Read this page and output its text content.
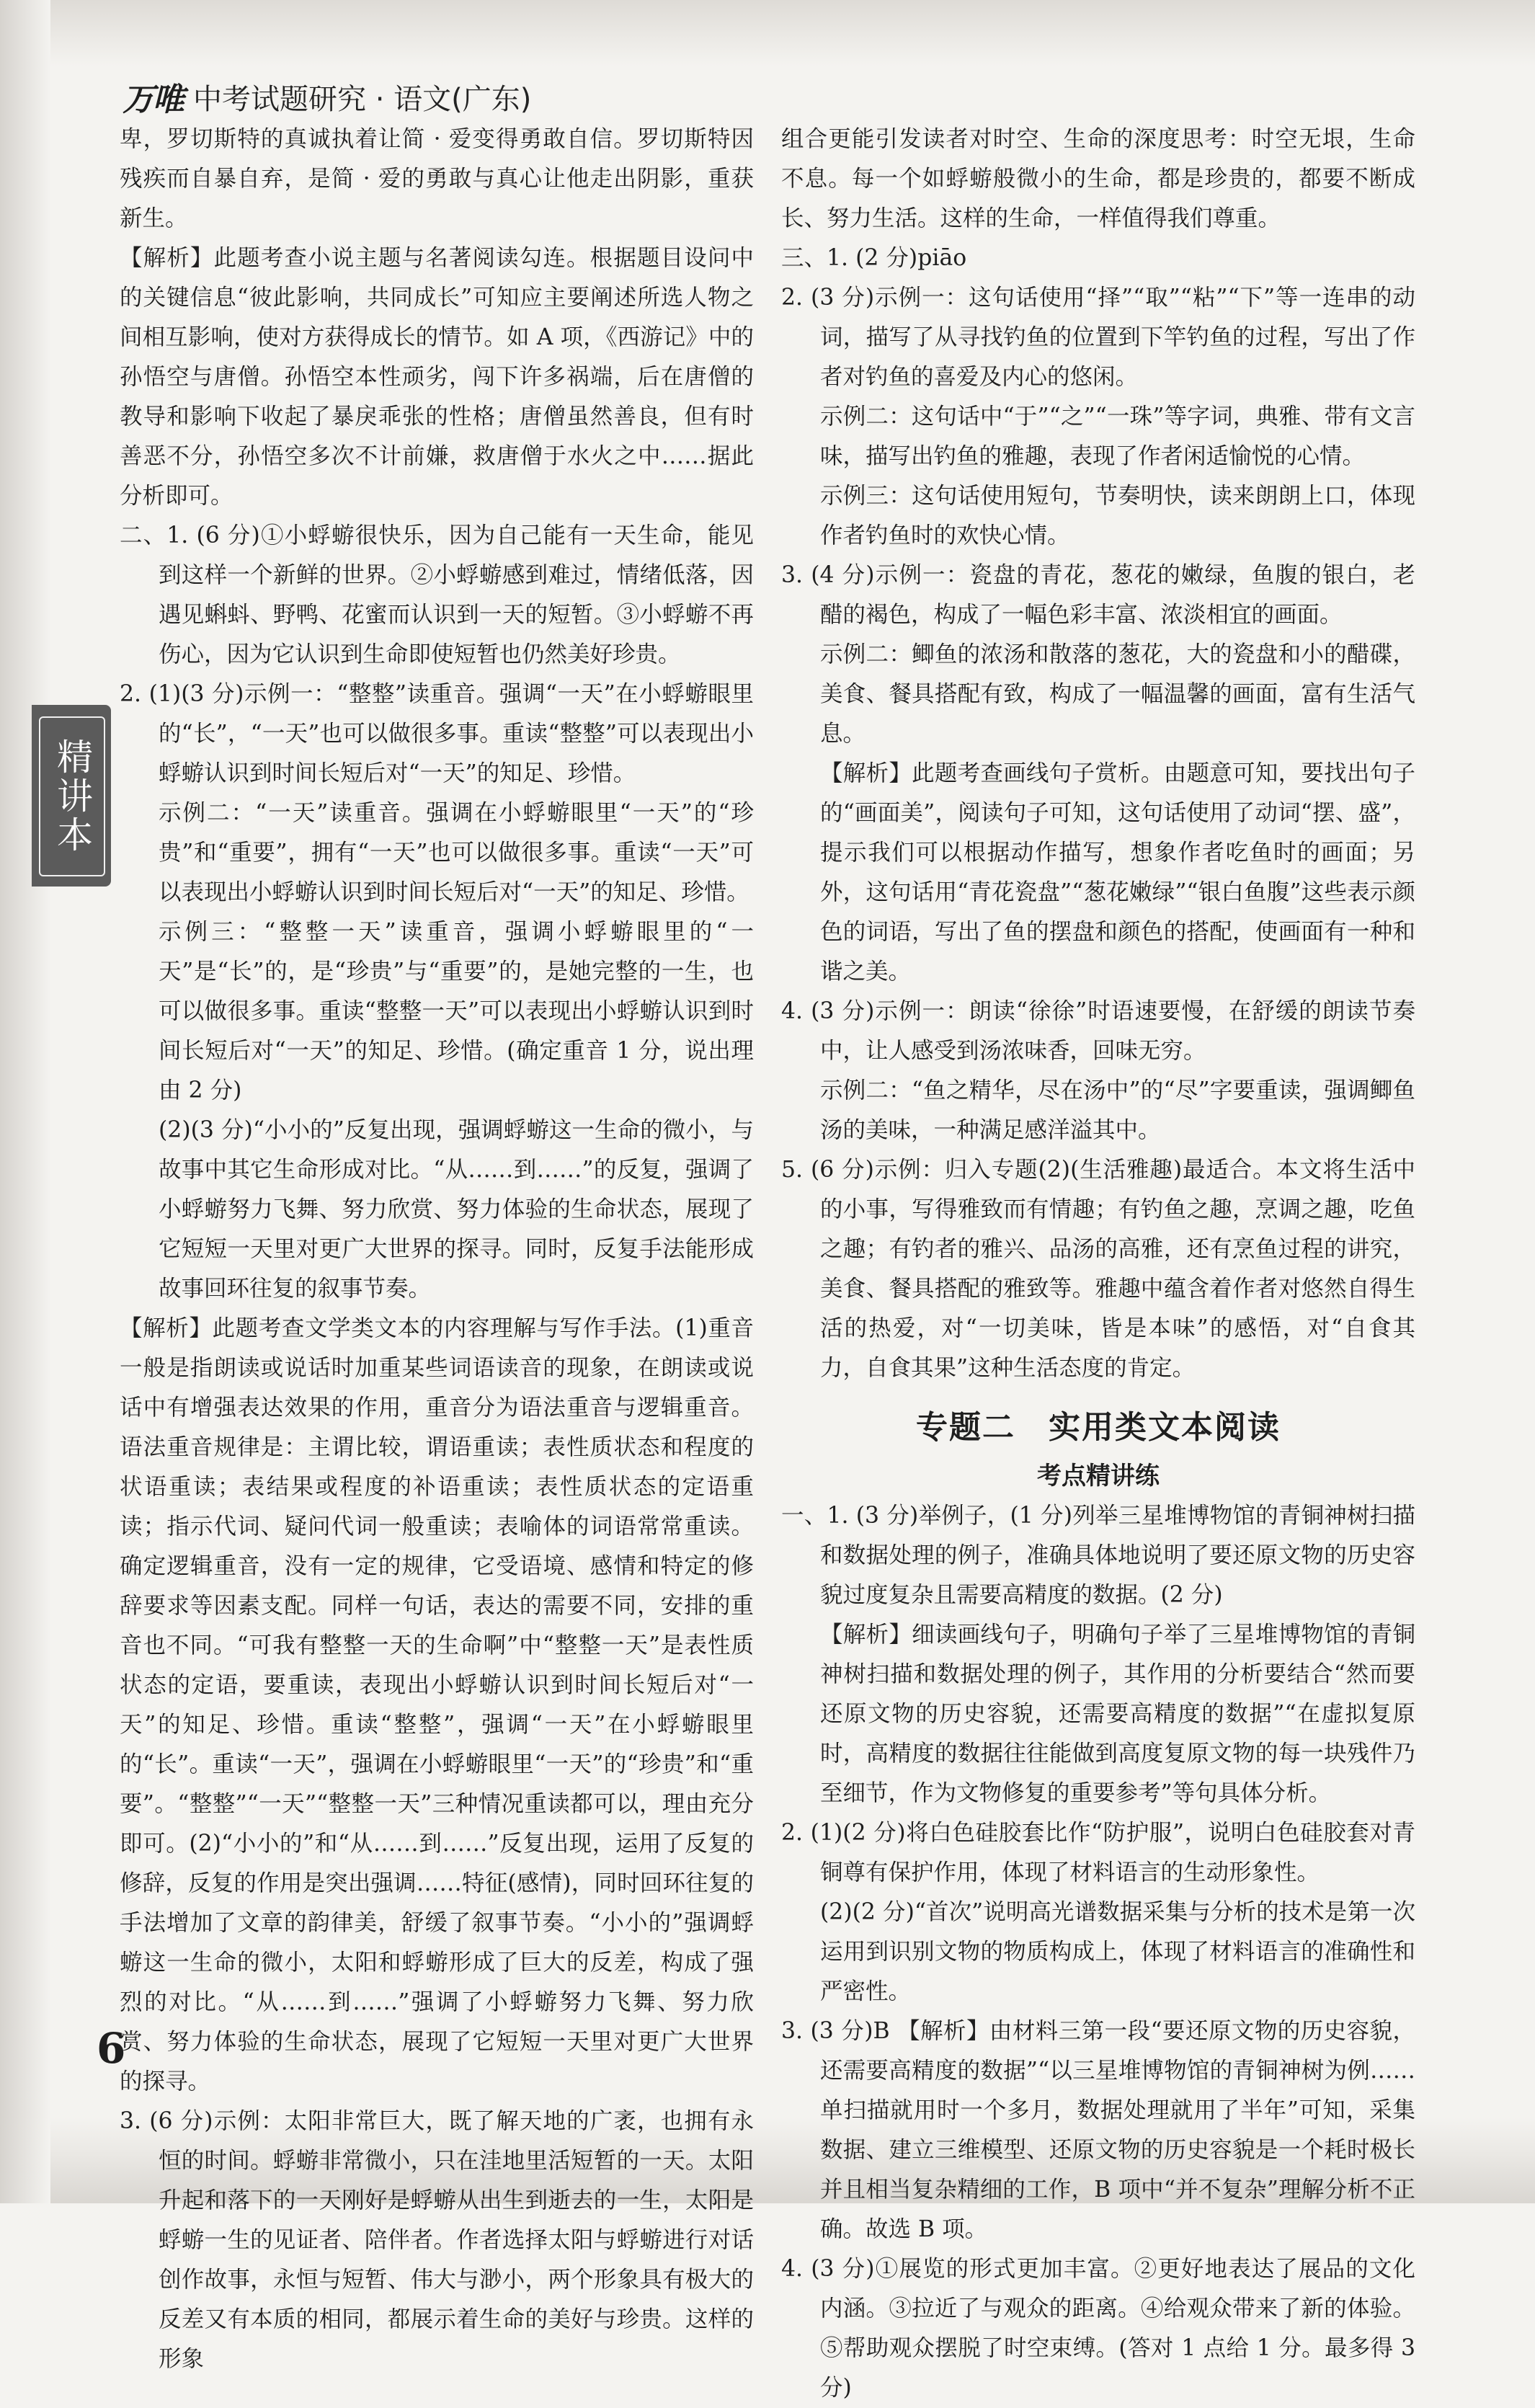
万唯 中考试题研究 · 语文(广东)
精讲本

卑，罗切斯特的真诚执着让简 · 爱变得勇敢自信。罗切斯特因残疾而自暴自弃，是简 · 爱的勇敢与真心让他走出阴影，重获新生。

【解析】此题考查小说主题与名著阅读勾连。根据题目设问中的关键信息“彼此影响，共同成长”可知应主要阐述所选人物之间相互影响，使对方获得成长的情节。如 A 项，《西游记》中的孙悟空与唐僧。孙悟空本性顽劣，闯下许多祸端，后在唐僧的教导和影响下收起了暴戾乖张的性格；唐僧虽然善良，但有时善恶不分，孙悟空多次不计前嫌，救唐僧于水火之中……据此分析即可。

二、1. (6 分)①小蜉蝣很快乐，因为自己能有一天生命，能见到这样一个新鲜的世界。②小蜉蝣感到难过，情绪低落，因遇见蝌蚪、野鸭、花蜜而认识到一天的短暂。③小蜉蝣不再伤心，因为它认识到生命即使短暂也仍然美好珍贵。

2. (1)(3 分)示例一：“整整”读重音。强调“一天”在小蜉蝣眼里的“长”，“一天”也可以做很多事。重读“整整”可以表现出小蜉蝣认识到时间长短后对“一天”的知足、珍惜。

示例二：“一天”读重音。强调在小蜉蝣眼里“一天”的“珍贵”和“重要”，拥有“一天”也可以做很多事。重读“一天”可以表现出小蜉蝣认识到时间长短后对“一天”的知足、珍惜。

示例三：“整整一天”读重音，强调小蜉蝣眼里的“一天”是“长”的，是“珍贵”与“重要”的，是她完整的一生，也可以做很多事。重读“整整一天”可以表现出小蜉蝣认识到时间长短后对“一天”的知足、珍惜。(确定重音 1 分，说出理由 2 分)

(2)(3 分)“小小的”反复出现，强调蜉蝣这一生命的微小，与故事中其它生命形成对比。“从……到……”的反复，强调了小蜉蝣努力飞舞、努力欣赏、努力体验的生命状态，展现了它短短一天里对更广大世界的探寻。同时，反复手法能形成故事回环往复的叙事节奏。

【解析】此题考查文学类文本的内容理解与写作手法。(1)重音一般是指朗读或说话时加重某些词语读音的现象，在朗读或说话中有增强表达效果的作用，重音分为语法重音与逻辑重音。语法重音规律是：主谓比较，谓语重读；表性质状态和程度的状语重读；表结果或程度的补语重读；表性质状态的定语重读；指示代词、疑问代词一般重读；表喻体的词语常常重读。确定逻辑重音，没有一定的规律，它受语境、感情和特定的修辞要求等因素支配。同样一句话，表达的需要不同，安排的重音也不同。“可我有整整一天的生命啊”中“整整一天”是表性质状态的定语，要重读，表现出小蜉蝣认识到时间长短后对“一天”的知足、珍惜。重读“整整”，强调“一天”在小蜉蝣眼里的“长”。重读“一天”，强调在小蜉蝣眼里“一天”的“珍贵”和“重要”。“整整”“一天”“整整一天”三种情况重读都可以，理由充分即可。(2)“小小的”和“从……到……”反复出现，运用了反复的修辞，反复的作用是突出强调……特征(感情)，同时回环往复的手法增加了文章的韵律美，舒缓了叙事节奏。“小小的”强调蜉蝣这一生命的微小，太阳和蜉蝣形成了巨大的反差，构成了强烈的对比。“从……到……”强调了小蜉蝣努力飞舞、努力欣赏、努力体验的生命状态，展现了它短短一天里对更广大世界的探寻。

3. (6 分)示例：太阳非常巨大，既了解天地的广袤，也拥有永恒的时间。蜉蝣非常微小，只在洼地里活短暂的一天。太阳升起和落下的一天刚好是蜉蝣从出生到逝去的一生，太阳是蜉蝣一生的见证者、陪伴者。作者选择太阳与蜉蝣进行对话创作故事，永恒与短暂、伟大与渺小，两个形象具有极大的反差又有本质的相同，都展示着生命的美好与珍贵。这样的形象

组合更能引发读者对时空、生命的深度思考：时空无垠，生命不息。每一个如蜉蝣般微小的生命，都是珍贵的，都要不断成长、努力生活。这样的生命，一样值得我们尊重。

三、1. (2 分)piāo

2. (3 分)示例一：这句话使用“择”“取”“粘”“下”等一连串的动词，描写了从寻找钓鱼的位置到下竿钓鱼的过程，写出了作者对钓鱼的喜爱及内心的悠闲。

示例二：这句话中“于”“之”“一珠”等字词，典雅、带有文言味，描写出钓鱼的雅趣，表现了作者闲适愉悦的心情。

示例三：这句话使用短句，节奏明快，读来朗朗上口，体现作者钓鱼时的欢快心情。

3. (4 分)示例一：瓷盘的青花，葱花的嫩绿，鱼腹的银白，老醋的褐色，构成了一幅色彩丰富、浓淡相宜的画面。

示例二：鲫鱼的浓汤和散落的葱花，大的瓷盘和小的醋碟，美食、餐具搭配有致，构成了一幅温馨的画面，富有生活气息。

【解析】此题考查画线句子赏析。由题意可知，要找出句子的“画面美”，阅读句子可知，这句话使用了动词“摆、盛”，提示我们可以根据动作描写，想象作者吃鱼时的画面；另外，这句话用“青花瓷盘”“葱花嫩绿”“银白鱼腹”这些表示颜色的词语，写出了鱼的摆盘和颜色的搭配，使画面有一种和谐之美。

4. (3 分)示例一：朗读“徐徐”时语速要慢，在舒缓的朗读节奏中，让人感受到汤浓味香，回味无穷。

示例二：“鱼之精华，尽在汤中”的“尽”字要重读，强调鲫鱼汤的美味，一种满足感洋溢其中。

5. (6 分)示例：归入专题(2)(生活雅趣)最适合。本文将生活中的小事，写得雅致而有情趣；有钓鱼之趣，烹调之趣，吃鱼之趣；有钓者的雅兴、品汤的高雅，还有烹鱼过程的讲究，美食、餐具搭配的雅致等。雅趣中蕴含着作者对悠然自得生活的热爱，对“一切美味，皆是本味”的感悟，对“自食其力，自食其果”这种生活态度的肯定。

专题二　实用类文本阅读
考点精讲练

一、1. (3 分)举例子，(1 分)列举三星堆博物馆的青铜神树扫描和数据处理的例子，准确具体地说明了要还原文物的历史容貌过度复杂且需要高精度的数据。(2 分)

【解析】细读画线句子，明确句子举了三星堆博物馆的青铜神树扫描和数据处理的例子，其作用的分析要结合“然而要还原文物的历史容貌，还需要高精度的数据”“在虚拟复原时，高精度的数据往往能做到高度复原文物的每一块残件乃至细节，作为文物修复的重要参考”等句具体分析。

2. (1)(2 分)将白色硅胶套比作“防护服”，说明白色硅胶套对青铜尊有保护作用，体现了材料语言的生动形象性。

(2)(2 分)“首次”说明高光谱数据采集与分析的技术是第一次运用到识别文物的物质构成上，体现了材料语言的准确性和严密性。

3. (3 分)B 【解析】由材料三第一段“要还原文物的历史容貌，还需要高精度的数据”“以三星堆博物馆的青铜神树为例……单扫描就用时一个多月，数据处理就用了半年”可知，采集数据、建立三维模型、还原文物的历史容貌是一个耗时极长并且相当复杂精细的工作，B 项中“并不复杂”理解分析不正确。故选 B 项。

4. (3 分)①展览的形式更加丰富。②更好地表达了展品的文化内涵。③拉近了与观众的距离。④给观众带来了新的体验。⑤帮助观众摆脱了时空束缚。(答对 1 点给 1 分。最多得 3 分)

6
